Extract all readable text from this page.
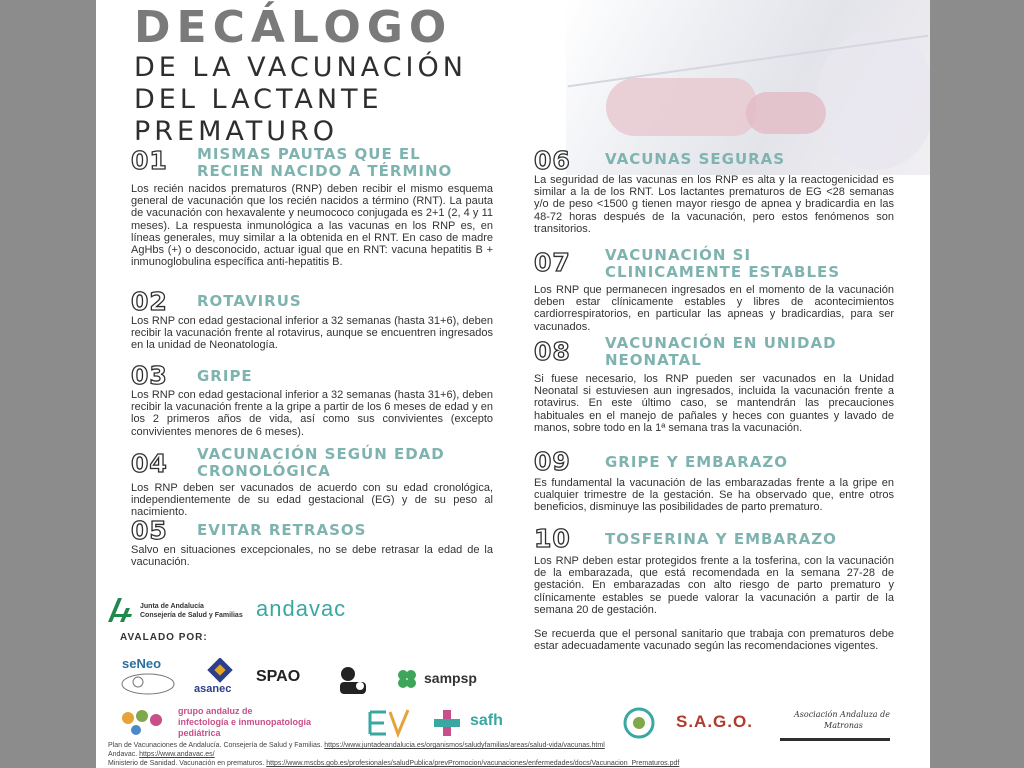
DECÁLOGO
DE LA VACUNACIÓN
DEL LACTANTE
PREMATURO
01 MISMAS PAUTAS QUE EL
RECIEN NACIDO A TÉRMINO
Los recién nacidos prematuros (RNP) deben recibir el mismo esquema general de vacunación que los recién nacidos a término (RNT). La pauta de vacunación con hexavalente y neumococo conjugada es 2+1 (2, 4 y 11 meses). La respuesta inmunológica a las vacunas en los RNP es, en líneas generales, muy similar a la obtenida en el RNT. En caso de madre AgHbs (+) o desconocido, actuar igual que en RNT: vacuna hepatitis B + inmunoglobulina específica anti-hepatitis B.
02 ROTAVIRUS
Los RNP con edad gestacional inferior a 32 semanas (hasta 31+6), deben recibir la vacunación frente al rotavirus, aunque se encuentren ingresados en la unidad de Neonatología.
03 GRIPE
Los RNP con edad gestacional inferior a 32 semanas (hasta 31+6), deben recibir la vacunación frente a la gripe a partir de los 6 meses de edad y en los 2 primeros años de vida, así como sus convivientes (excepto convivientes menores de 6 meses).
04 VACUNACIÓN SEGÚN EDAD
CRONOLÓGICA
Los RNP deben ser vacunados de acuerdo con su edad cronológica, independientemente de su edad gestacional (EG) y de su peso al nacimiento.
05 EVITAR RETRASOS
Salvo en situaciones excepcionales, no se debe retrasar la edad de la vacunación.
06 VACUNAS SEGURAS
La seguridad de las vacunas en los RNP es alta y la reactogenicidad es similar a la de los RNT. Los lactantes prematuros de EG <28 semanas y/o de peso <1500 g tienen mayor riesgo de apnea y bradicardia en las 48-72 horas después de la vacunación, pero estos fenómenos son transitorios.
07 VACUNACIÓN SI
CLINICAMENTE ESTABLES
Los RNP que permanecen ingresados en el momento de la vacunación deben estar clínicamente estables y libres de acontecimientos cardiorrespiratorios, en particular las apneas y bradicardias, para ser vacunados.
08 VACUNACIÓN EN UNIDAD
NEONATAL
Si fuese necesario, los RNP pueden ser vacunados en la Unidad Neonatal si estuviesen aun ingresados, incluida la vacunación frente a rotavirus. En este último caso, se mantendrán las precauciones habituales en el manejo de pañales y heces con guantes y lavado de manos, sobre todo en la 1ª semana tras la vacunación.
09 GRIPE Y EMBARAZO
Es fundamental la vacunación de las embarazadas frente a la gripe en cualquier trimestre de la gestación. Se ha observado que, entre otros beneficios, disminuye las posibilidades de parto prematuro.
10 TOSFERINA Y EMBARAZO
Los RNP deben estar protegidos frente a la tosferina, con la vacunación de la embarazada, que está recomendada en la semana 27-28 de gestación. En embarazadas con alto riesgo de parto prematuro y clínicamente estables se puede valorar la vacunación a partir de la semana 20 de gestación.
Se recuerda que el personal sanitario que trabaja con prematuros debe estar adecuadamente vacunado según las recomendaciones vigentes.
Junta de Andalucía
Consejería de Salud y Familias andavac
AVALADO POR:
seNeo
asanec
SPAO	sampsp
grupo andaluz de
infectología e inmunopatología
pediátrica
safh	S.A.G.O.	Asociación Andaluza de
Matronas
Plan de Vacunaciones de Andalucía. Consejería de Salud y Familias. https://www.juntadeandalucia.es/organismos/saludyfamilias/areas/salud-vida/vacunas.html
Andavac. https://www.andavac.es/
Ministerio de Sanidad. Vacunación en prematuros. https://www.mscbs.gob.es/profesionales/saludPublica/prevPromocion/vacunaciones/enfermedades/docs/Vacunacion_Prematuros.pdf
